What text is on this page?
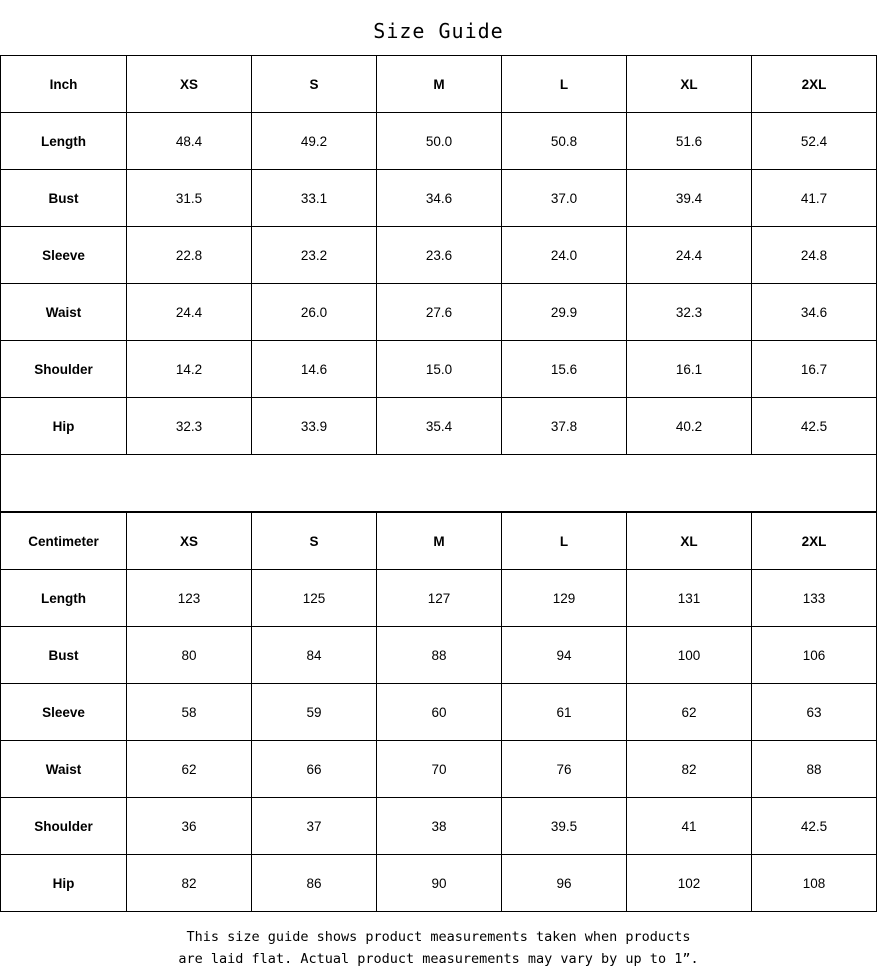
Size Guide
Inch	XS	S	M	L	XL	2XL
Length	48.4	49.2	50.0	50.8	51.6	52.4
Bust	31.5	33.1	34.6	37.0	39.4	41.7
Sleeve	22.8	23.2	23.6	24.0	24.4	24.8
Waist	24.4	26.0	27.6	29.9	32.3	34.6
Shoulder	14.2	14.6	15.0	15.6	16.1	16.7
Hip	32.3	33.9	35.4	37.8	40.2	42.5

Centimeter	XS	S	M	L	XL	2XL
Length	123	125	127	129	131	133
Bust	80	84	88	94	100	106
Sleeve	58	59	60	61	62	63
Waist	62	66	70	76	82	88
Shoulder	36	37	38	39.5	41	42.5
Hip	82	86	90	96	102	108
This size guide shows product measurements taken when products
are laid flat. Actual product measurements may vary by up to 1”.
